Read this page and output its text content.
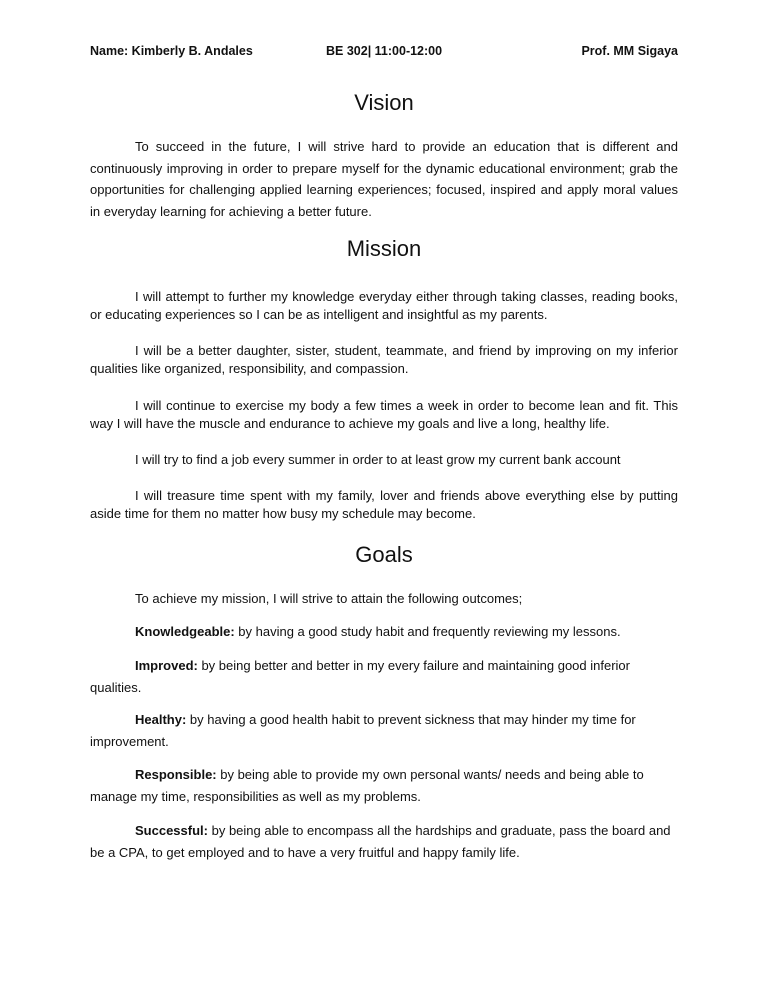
Name: Kimberly B. Andales	BE 302| 11:00-12:00	Prof. MM Sigaya
Vision

To succeed in the future, I will strive hard to provide an education that is different and continuously improving in order to prepare myself for the dynamic educational environment; grab the opportunities for challenging applied learning experiences; focused, inspired and apply moral values in everyday learning for achieving a better future.

Mission

I will attempt to further my knowledge everyday either through taking classes, reading books, or educating experiences so I can be as intelligent and insightful as my parents.

I will be a better daughter, sister, student, teammate, and friend by improving on my inferior qualities like organized, responsibility, and compassion.

I will continue to exercise my body a few times a week in order to become lean and fit. This way I will have the muscle and endurance to achieve my goals and live a long, healthy life.

I will try to find a job every summer in order to at least grow my current bank account

I will treasure time spent with my family, lover and friends above everything else by putting aside time for them no matter how busy my schedule may become.

Goals

To achieve my mission, I will strive to attain the following outcomes;

Knowledgeable: by having a good study habit and frequently reviewing my lessons.

Improved: by being better and better in my every failure and maintaining good inferior qualities.

Healthy: by having a good health habit to prevent sickness that may hinder my time for improvement.

Responsible: by being able to provide my own personal wants/ needs and being able to manage my time, responsibilities as well as my problems.

Successful: by being able to encompass all the hardships and graduate, pass the board and be a CPA, to get employed and to have a very fruitful and happy family life.
